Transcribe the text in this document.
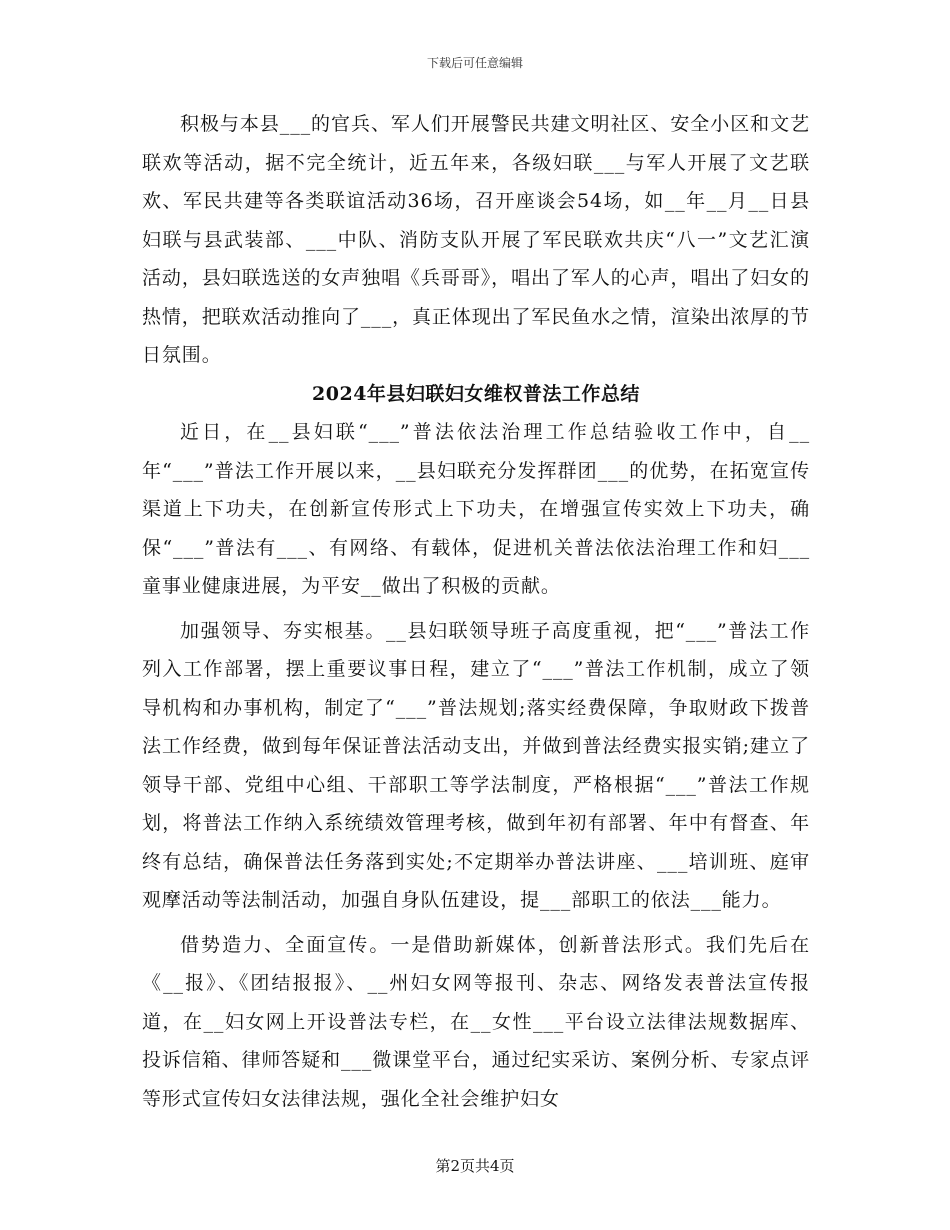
下载后可任意编辑

积极与本县___的官兵、军人们开展警民共建文明社区、安全小区和文艺联欢等活动，据不完全统计，近五年来，各级妇联___与军人开展了文艺联欢、军民共建等各类联谊活动36场，召开座谈会54场，如__年__月__日县妇联与县武装部、___中队、消防支队开展了军民联欢共庆“八一”文艺汇演活动，县妇联选送的女声独唱《兵哥哥》，唱出了军人的心声，唱出了妇女的热情，把联欢活动推向了___，真正体现出了军民鱼水之情，渲染出浓厚的节日氛围。

2024年县妇联妇女维权普法工作总结

近日，在__县妇联“___”普法依法治理工作总结验收工作中，自__年“___”普法工作开展以来，__县妇联充分发挥群团___的优势，在拓宽宣传渠道上下功夫，在创新宣传形式上下功夫，在增强宣传实效上下功夫，确保“___”普法有___、有网络、有载体，促进机关普法依法治理工作和妇___童事业健康进展，为平安__做出了积极的贡献。

加强领导、夯实根基。__县妇联领导班子高度重视，把“___”普法工作列入工作部署，摆上重要议事日程，建立了“___”普法工作机制，成立了领导机构和办事机构，制定了“___”普法规划;落实经费保障，争取财政下拨普法工作经费，做到每年保证普法活动支出，并做到普法经费实报实销;建立了领导干部、党组中心组、干部职工等学法制度，严格根据“___”普法工作规划，将普法工作纳入系统绩效管理考核，做到年初有部署、年中有督查、年终有总结，确保普法任务落到实处;不定期举办普法讲座、___培训班、庭审观摩活动等法制活动，加强自身队伍建设，提___部职工的依法___能力。

借势造力、全面宣传。一是借助新媒体，创新普法形式。我们先后在《__报》、《团结报报》、__州妇女网等报刊、杂志、网络发表普法宣传报道，在__妇女网上开设普法专栏，在__女性___平台设立法律法规数据库、投诉信箱、律师答疑和___微课堂平台，通过纪实采访、案例分析、专家点评等形式宣传妇女法律法规，强化全社会维护妇女

第2页共4页
